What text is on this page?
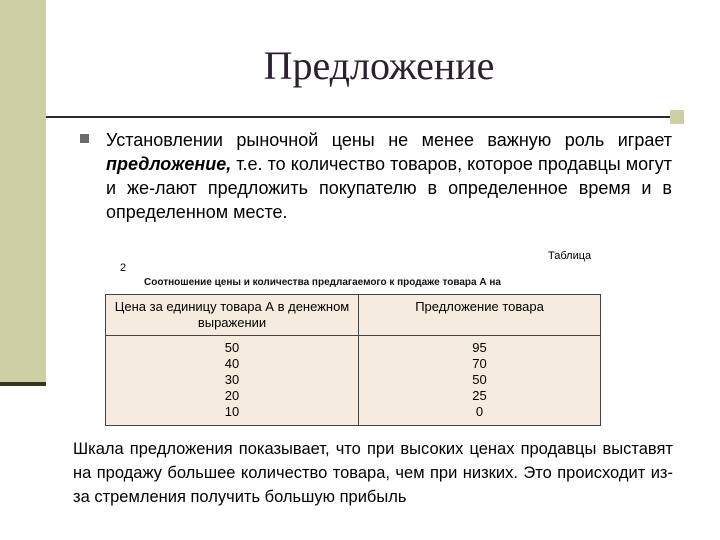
Предложение
Установлении рыночной цены не менее важную роль играет предложение, т.е. то количество товаров, которое продавцы могут и же-лают предложить покупателю в определенное время и в определенном месте.
Таблица
2
Соотношение цены и количества предлагаемого к продаже товара А на
Цена за единицу товара А в денежном выражении
Предложение товара
50
40
30
20
10
95
70
50
25
0
Шкала предложения показывает, что при высоких ценах продавцы выставят на продажу большее количество товара, чем при низких. Это происходит из-за стремления получить большую прибыль
